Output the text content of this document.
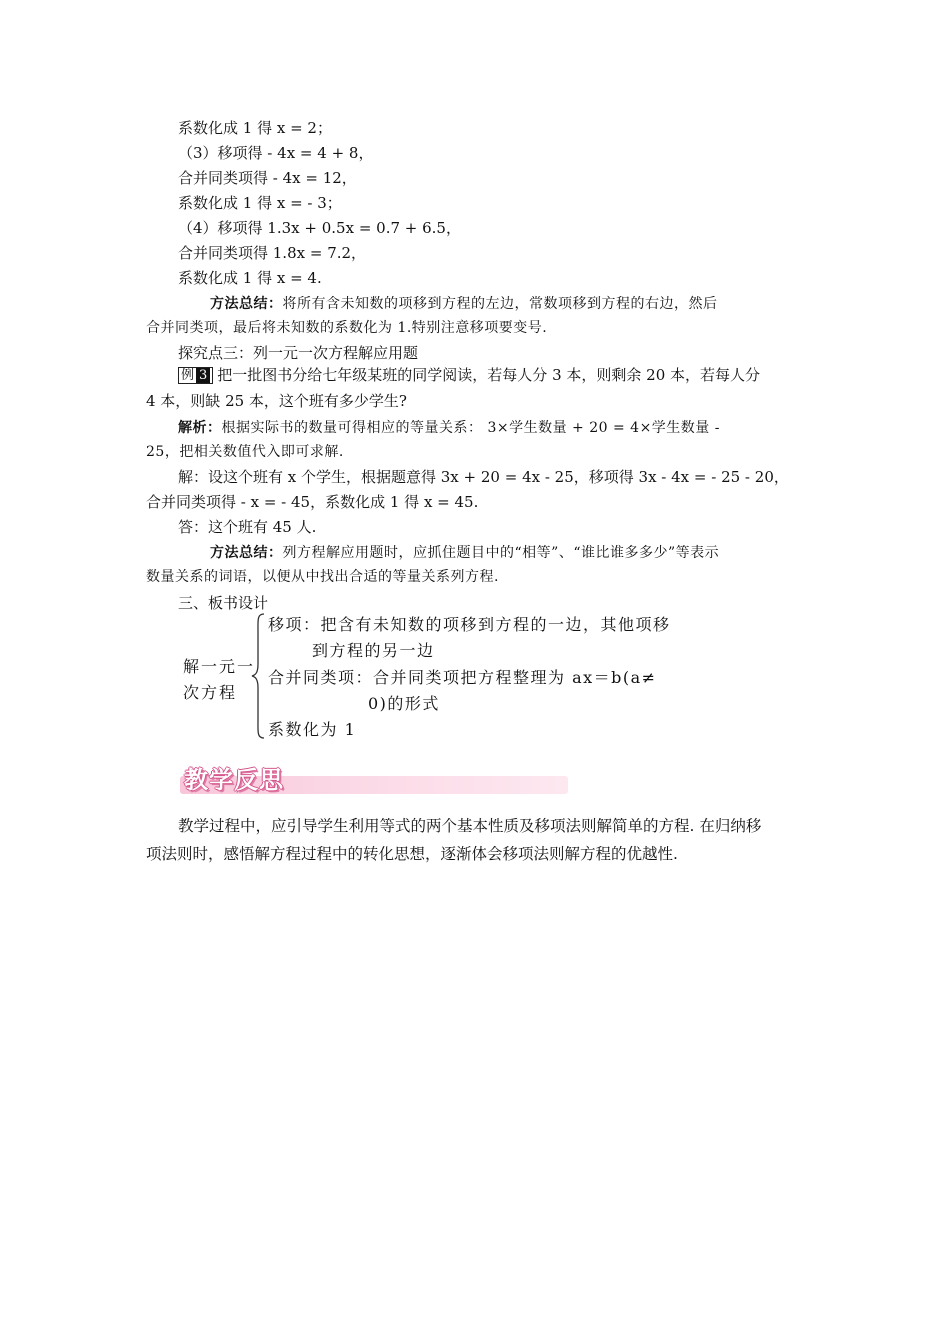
系数化成 1 得 x = 2；
（3）移项得 - 4x = 4 + 8，
合并同类项得 - 4x = 12，
系数化成 1 得 x = - 3；
（4）移项得 1.3x + 0.5x = 0.7 + 6.5，
合并同类项得 1.8x = 7.2，
系数化成 1 得 x = 4.
方法总结：将所有含未知数的项移到方程的左边，常数项移到方程的右边，然后
合并同类项，最后将未知数的系数化为 1.特别注意移项要变号.
探究点三：列一元一次方程解应用题
例 3 把一批图书分给七年级某班的同学阅读，若每人分 3 本，则剩余 20 本，若每人分
4 本，则缺 25 本，这个班有多少学生?
解析：根据实际书的数量可得相应的等量关系： 3×学生数量 + 20 = 4×学生数量 -
25，把相关数值代入即可求解.
解：设这个班有 x 个学生，根据题意得 3x + 20 = 4x - 25，移项得 3x - 4x = - 25 - 20，
合并同类项得 - x = - 45，系数化成 1 得 x = 45.
答：这个班有 45 人.
方法总结：列方程解应用题时，应抓住题目中的“相等”、“谁比谁多多少”等表示
数量关系的词语，以便从中找出合适的等量关系列方程.
三、板书设计
解一元一
次方程
移项：把含有未知数的项移到方程的一边，其他项移
到方程的另一边
合并同类项：合并同类项把方程整理为 ax＝b(a≠
0)的形式
系数化为 1
教学反思
教学过程中，应引导学生利用等式的两个基本性质及移项法则解简单的方程. 在归纳移
项法则时，感悟解方程过程中的转化思想，逐渐体会移项法则解方程的优越性.
